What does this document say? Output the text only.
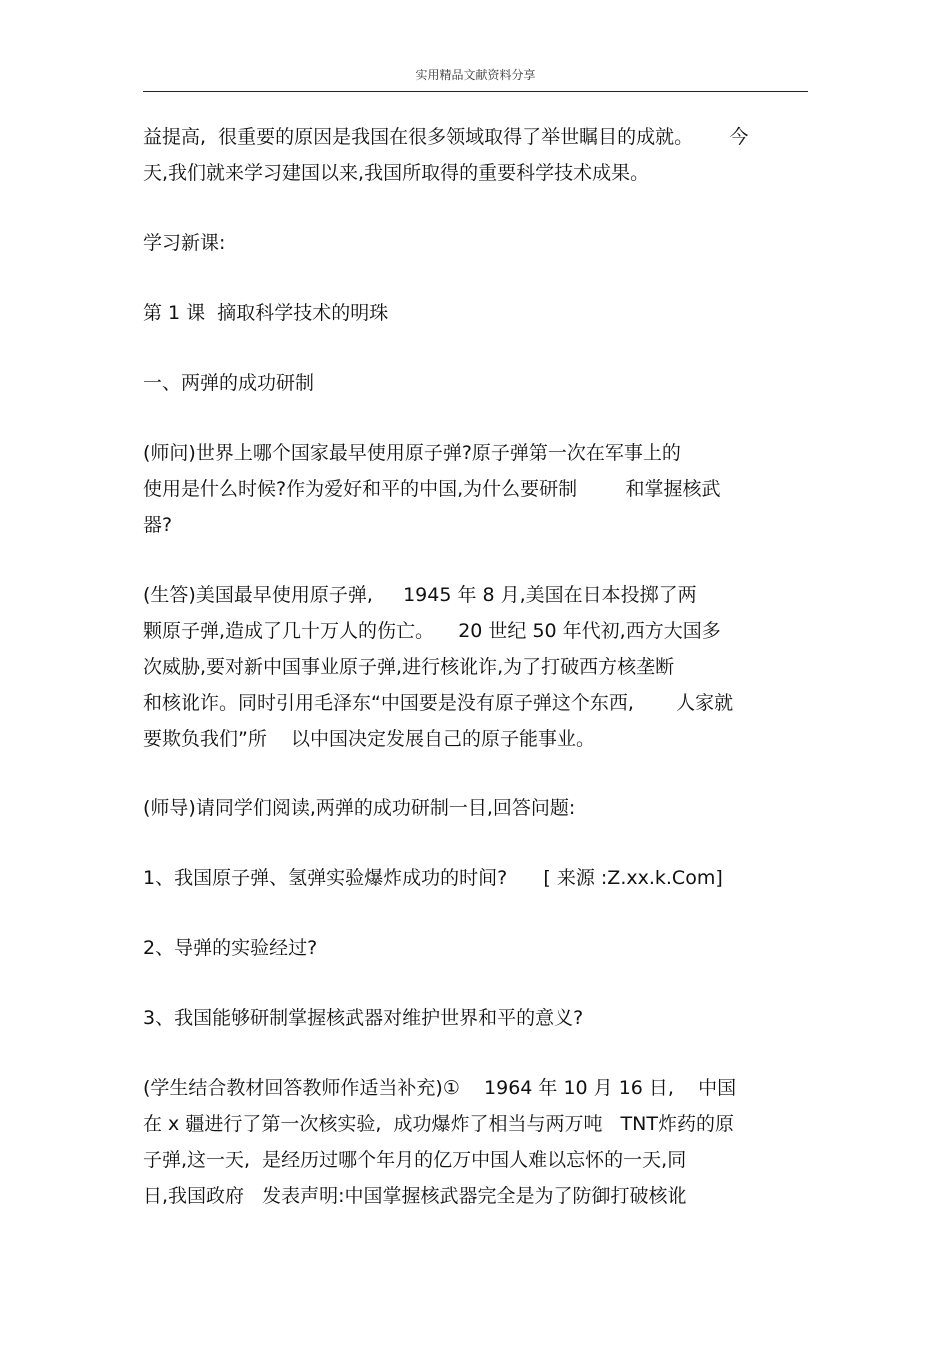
实用精品文献资料分享
益提高,  很重要的原因是我国在很多领域取得了举世瞩目的成就。      今
天,我们就来学习建国以来,我国所取得的重要科学技术成果。
学习新课:
第 1 课  摘取科学技术的明珠
一、两弹的成功研制
(师问)世界上哪个国家最早使用原子弹?原子弹第一次在军事上的
使用是什么时候?作为爱好和平的中国,为什么要研制        和掌握核武
器?
(生答)美国最早使用原子弹,     1945 年 8 月,美国在日本投掷了两
颗原子弹,造成了几十万人的伤亡。    20 世纪 50 年代初,西方大国多
次威胁,要对新中国事业原子弹,进行核讹诈,为了打破西方核垄断
和核讹诈。同时引用毛泽东“中国要是没有原子弹这个东西,       人家就
要欺负我们”所    以中国决定发展自己的原子能事业。
(师导)请同学们阅读,两弹的成功研制一目,回答问题:
1、我国原子弹、氢弹实验爆炸成功的时间?      [ 来源 :Z.xx.k.Com]
2、导弹的实验经过?
3、我国能够研制掌握核武器对维护世界和平的意义?
(学生结合教材回答教师作适当补充)①    1964 年 10 月 16 日,    中国
在 x 疆进行了第一次核实验,  成功爆炸了相当与两万吨   TNT炸药的原
子弹,这一天,  是经历过哪个年月的亿万中国人难以忘怀的一天,同
日,我国政府   发表声明:中国掌握核武器完全是为了防御打破核讹
